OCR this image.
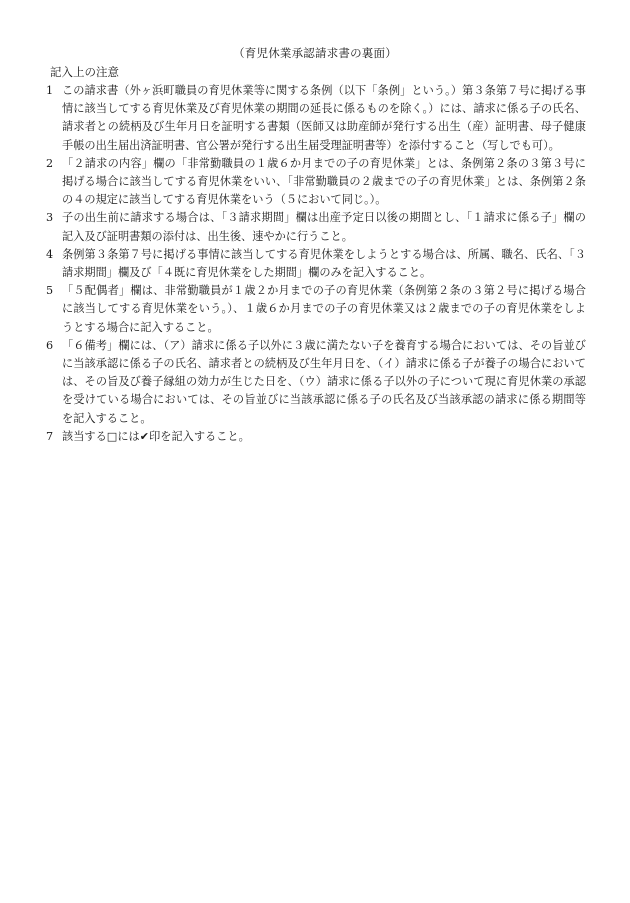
（育児休業承認請求書の裏面）
記入上の注意
1 この請求書（外ヶ浜町職員の育児休業等に関する条例（以下「条例」という。）第３条第７号に掲げる事情に該当してする育児休業及び育児休業の期間の延長に係るものを除く。）には、請求に係る子の氏名、請求者との続柄及び生年月日を証明する書類（医師又は助産師が発行する出生（産）証明書、母子健康手帳の出生届出済証明書、官公署が発行する出生届受理証明書等）を添付すること（写しでも可）。
2 「２請求の内容」欄の「非常勤職員の１歳６か月までの子の育児休業」とは、条例第２条の３第３号に掲げる場合に該当してする育児休業をいい、「非常勤職員の２歳までの子の育児休業」とは、条例第２条の４の規定に該当してする育児休業をいう（５において同じ。）。
3 子の出生前に請求する場合は、「３請求期間」欄は出産予定日以後の期間とし、「１請求に係る子」欄の記入及び証明書類の添付は、出生後、速やかに行うこと。
4 条例第３条第７号に掲げる事情に該当してする育児休業をしようとする場合は、所属、職名、氏名、「３請求期間」欄及び「４既に育児休業をした期間」欄のみを記入すること。
5 「５配偶者」欄は、非常勤職員が１歳２か月までの子の育児休業（条例第２条の３第２号に掲げる場合に該当してする育児休業をいう。）、１歳６か月までの子の育児休業又は２歳までの子の育児休業をしようとする場合に記入すること。
6 「６備考」欄には、（ア）請求に係る子以外に３歳に満たない子を養育する場合においては、その旨並びに当該承認に係る子の氏名、請求者との続柄及び生年月日を、（イ）請求に係る子が養子の場合においては、その旨及び養子縁組の効力が生じた日を、（ウ）請求に係る子以外の子について現に育児休業の承認を受けている場合においては、その旨並びに当該承認に係る子の氏名及び当該承認の請求に係る期間等を記入すること。
7 該当する□には✔印を記入すること。
